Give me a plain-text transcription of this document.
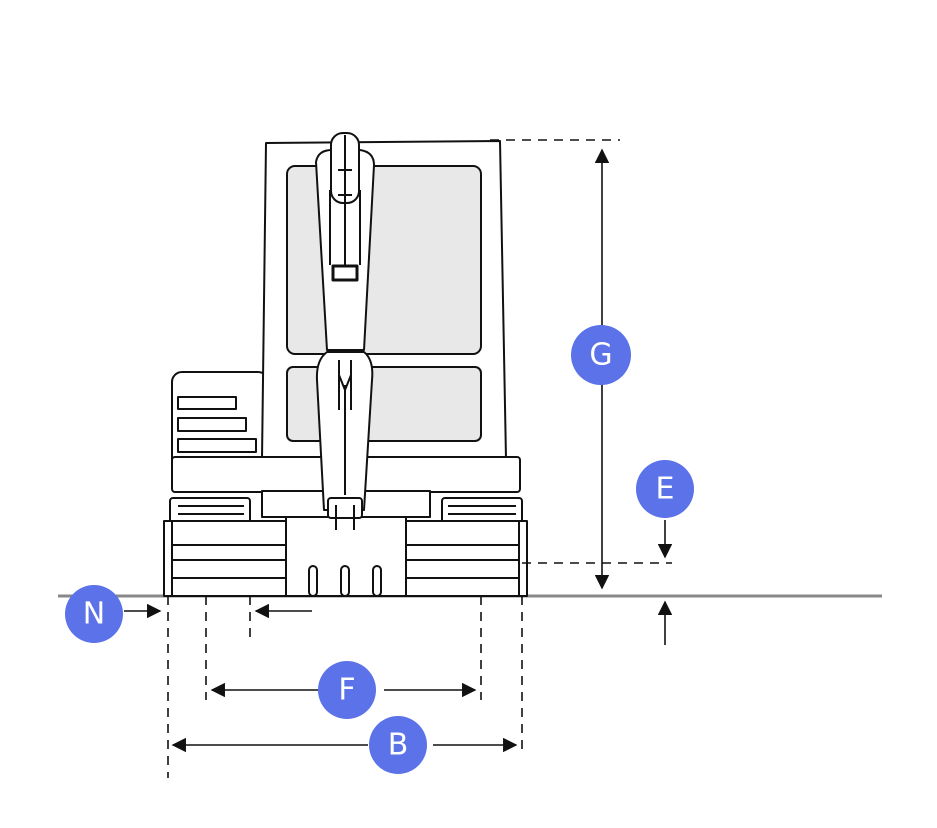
G
E
N
F
B
